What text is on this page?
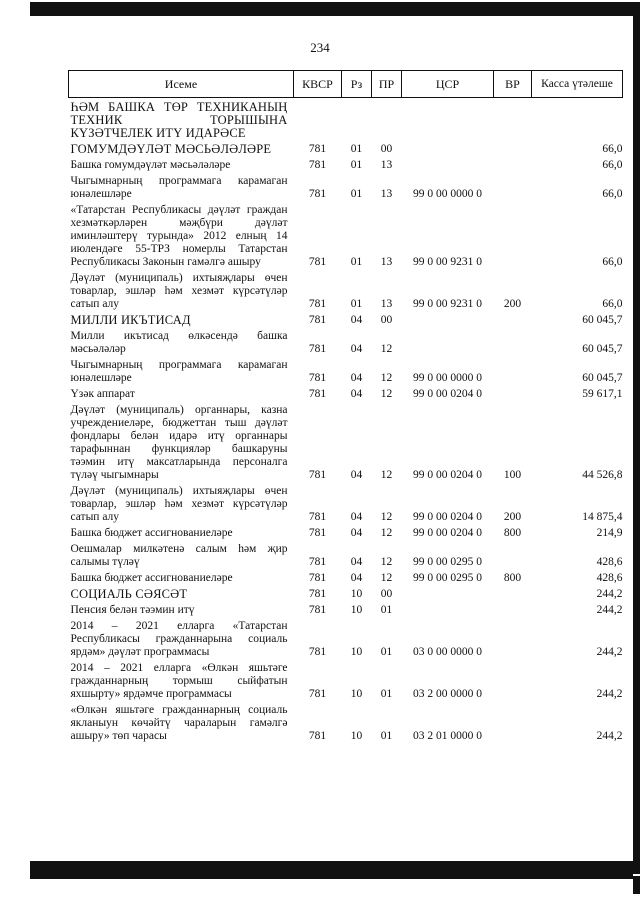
234
Исеме	КВСР	Рз	ПР	ЦСР	ВР	Касса үтәлеше
ҺӘМ БАШКА ТӨР ТЕХНИКАНЫҢ ТЕХНИК ТОРЫШЫНА КҮЗӘТЧЕЛЕК ИТҮ ИДАРӘСЕ						
ГОМУМДӘҮЛӘТ МӘСЬӘЛӘЛӘРЕ	781	01	00			66,0
Башка гомумдәүләт мәсьәләләре	781	01	13			66,0
Чыгымнарның программага карамаган юнәлешләре	781	01	13	99 0 00 0000 0		66,0
«Татарстан Республикасы дәүләт граждан хезмәткәрләрен мәҗбүри дәүләт иминләштерү турында» 2012 елның 14 июлендәге 55-ТРЗ номерлы Татарстан Республикасы Законын гамәлгә ашыру	781	01	13	99 0 00 9231 0		66,0
Дәүләт (муниципаль) ихтыяҗлары өчен товарлар, эшләр һәм хезмәт күрсәтүләр сатып алу	781	01	13	99 0 00 9231 0	200	66,0
МИЛЛИ ИКЪТИСАД	781	04	00			60 045,7
Милли икътисад өлкәсендә башка мәсьәләләр	781	04	12			60 045,7
Чыгымнарның программага карамаган юнәлешләре	781	04	12	99 0 00 0000 0		60 045,7
Үзәк аппарат	781	04	12	99 0 00 0204 0		59 617,1
Дәүләт (муниципаль) органнары, казна учреждениеләре, бюджеттан тыш дәүләт фондлары белән идарә итү органнары тарафыннан функцияләр башкаруны тәэмин итү максатларында персоналга түләү чыгымнары	781	04	12	99 0 00 0204 0	100	44 526,8
Дәүләт (муниципаль) ихтыяҗлары өчен товарлар, эшләр һәм хезмәт күрсәтүләр сатып алу	781	04	12	99 0 00 0204 0	200	14 875,4
Башка бюджет ассигнованиеләре	781	04	12	99 0 00 0204 0	800	214,9
Оешмалар милкәтенә салым һәм җир салымы түләү	781	04	12	99 0 00 0295 0		428,6
Башка бюджет ассигнованиеләре	781	04	12	99 0 00 0295 0	800	428,6
СОЦИАЛЬ СӘЯСӘТ	781	10	00			244,2
Пенсия белән тәэмин итү	781	10	01			244,2
2014 – 2021 елларга «Татарстан Республикасы гражданнарына социаль ярдәм» дәүләт программасы	781	10	01	03 0 00 0000 0		244,2
2014 – 2021 елларга «Өлкән яшьтәге гражданнарның тормыш сыйфатын яхшырту» ярдәмче программасы	781	10	01	03 2 00 0000 0		244,2
«Өлкән яшьтәге гражданнарның социаль якланыун көчәйтү чараларын гамәлгә ашыру» төп чарасы	781	10	01	03 2 01 0000 0		244,2
